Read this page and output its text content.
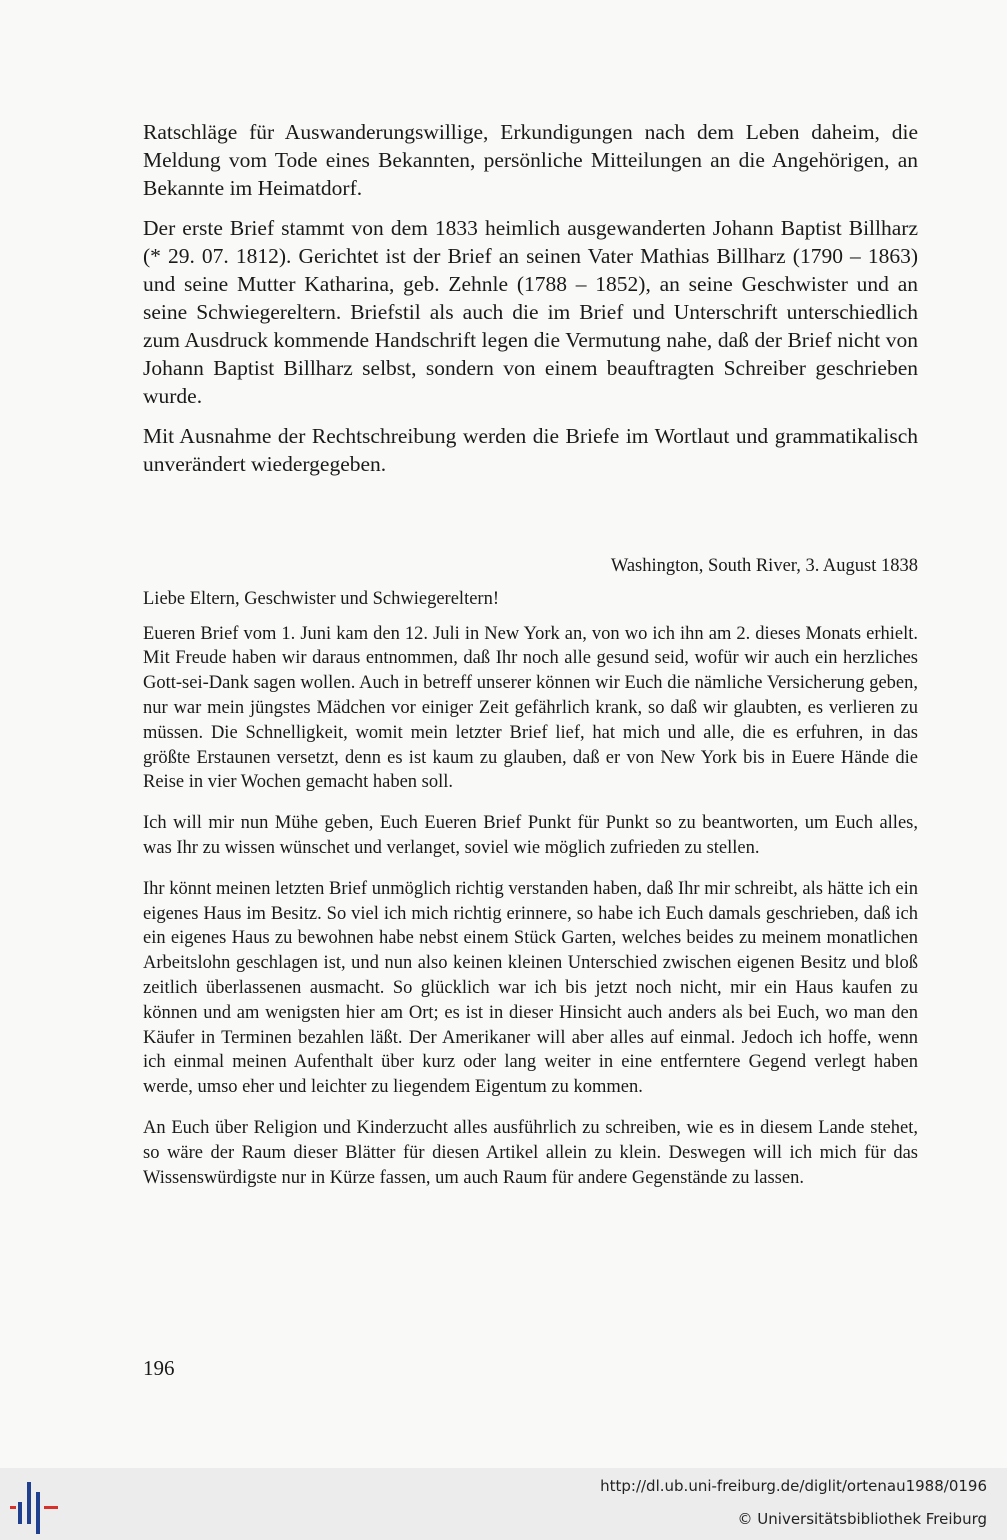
Ratschläge für Auswanderungswillige, Erkundigungen nach dem Leben daheim, die Meldung vom Tode eines Bekannten, persönliche Mitteilungen an die Angehörigen, an Bekannte im Heimatdorf.

Der erste Brief stammt von dem 1833 heimlich ausgewanderten Johann Baptist Billharz (* 29. 07. 1812). Gerichtet ist der Brief an seinen Vater Mathias Billharz (1790 – 1863) und seine Mutter Katharina, geb. Zehnle (1788 – 1852), an seine Geschwister und an seine Schwiegereltern. Briefstil als auch die im Brief und Unterschrift unterschiedlich zum Ausdruck kommende Handschrift legen die Vermutung nahe, daß der Brief nicht von Johann Baptist Billharz selbst, sondern von einem beauftragten Schreiber geschrieben wurde.

Mit Ausnahme der Rechtschreibung werden die Briefe im Wortlaut und grammatikalisch unverändert wiedergegeben.

Washington, South River, 3. August 1838

Liebe Eltern, Geschwister und Schwiegereltern!

Eueren Brief vom 1. Juni kam den 12. Juli in New York an, von wo ich ihn am 2. dieses Monats erhielt. Mit Freude haben wir daraus entnommen, daß Ihr noch alle gesund seid, wofür wir auch ein herzliches Gott-sei-Dank sagen wollen. Auch in betreff unserer können wir Euch die nämliche Versicherung geben, nur war mein jüngstes Mädchen vor einiger Zeit gefährlich krank, so daß wir glaubten, es verlieren zu müssen. Die Schnelligkeit, womit mein letzter Brief lief, hat mich und alle, die es erfuhren, in das größte Erstaunen versetzt, denn es ist kaum zu glauben, daß er von New York bis in Euere Hände die Reise in vier Wochen gemacht haben soll.

Ich will mir nun Mühe geben, Euch Eueren Brief Punkt für Punkt so zu beantworten, um Euch alles, was Ihr zu wissen wünschet und verlanget, soviel wie möglich zufrieden zu stellen.

Ihr könnt meinen letzten Brief unmöglich richtig verstanden haben, daß Ihr mir schreibt, als hätte ich ein eigenes Haus im Besitz. So viel ich mich richtig erinnere, so habe ich Euch damals geschrieben, daß ich ein eigenes Haus zu bewohnen habe nebst einem Stück Garten, welches beides zu meinem monatlichen Arbeitslohn geschlagen ist, und nun also keinen kleinen Unterschied zwischen eigenen Besitz und bloß zeitlich überlassenen ausmacht. So glücklich war ich bis jetzt noch nicht, mir ein Haus kaufen zu können und am wenigsten hier am Ort; es ist in dieser Hinsicht auch anders als bei Euch, wo man den Käufer in Terminen bezahlen läßt. Der Amerikaner will aber alles auf einmal. Jedoch ich hoffe, wenn ich einmal meinen Aufenthalt über kurz oder lang weiter in eine entferntere Gegend verlegt haben werde, umso eher und leichter zu liegendem Eigentum zu kommen.

An Euch über Religion und Kinderzucht alles ausführlich zu schreiben, wie es in diesem Lande stehet, so wäre der Raum dieser Blätter für diesen Artikel allein zu klein. Deswegen will ich mich für das Wissenswürdigste nur in Kürze fassen, um auch Raum für andere Gegenstände zu lassen.

196
http://dl.ub.uni-freiburg.de/diglit/ortenau1988/0196
© Universitätsbibliothek Freiburg
